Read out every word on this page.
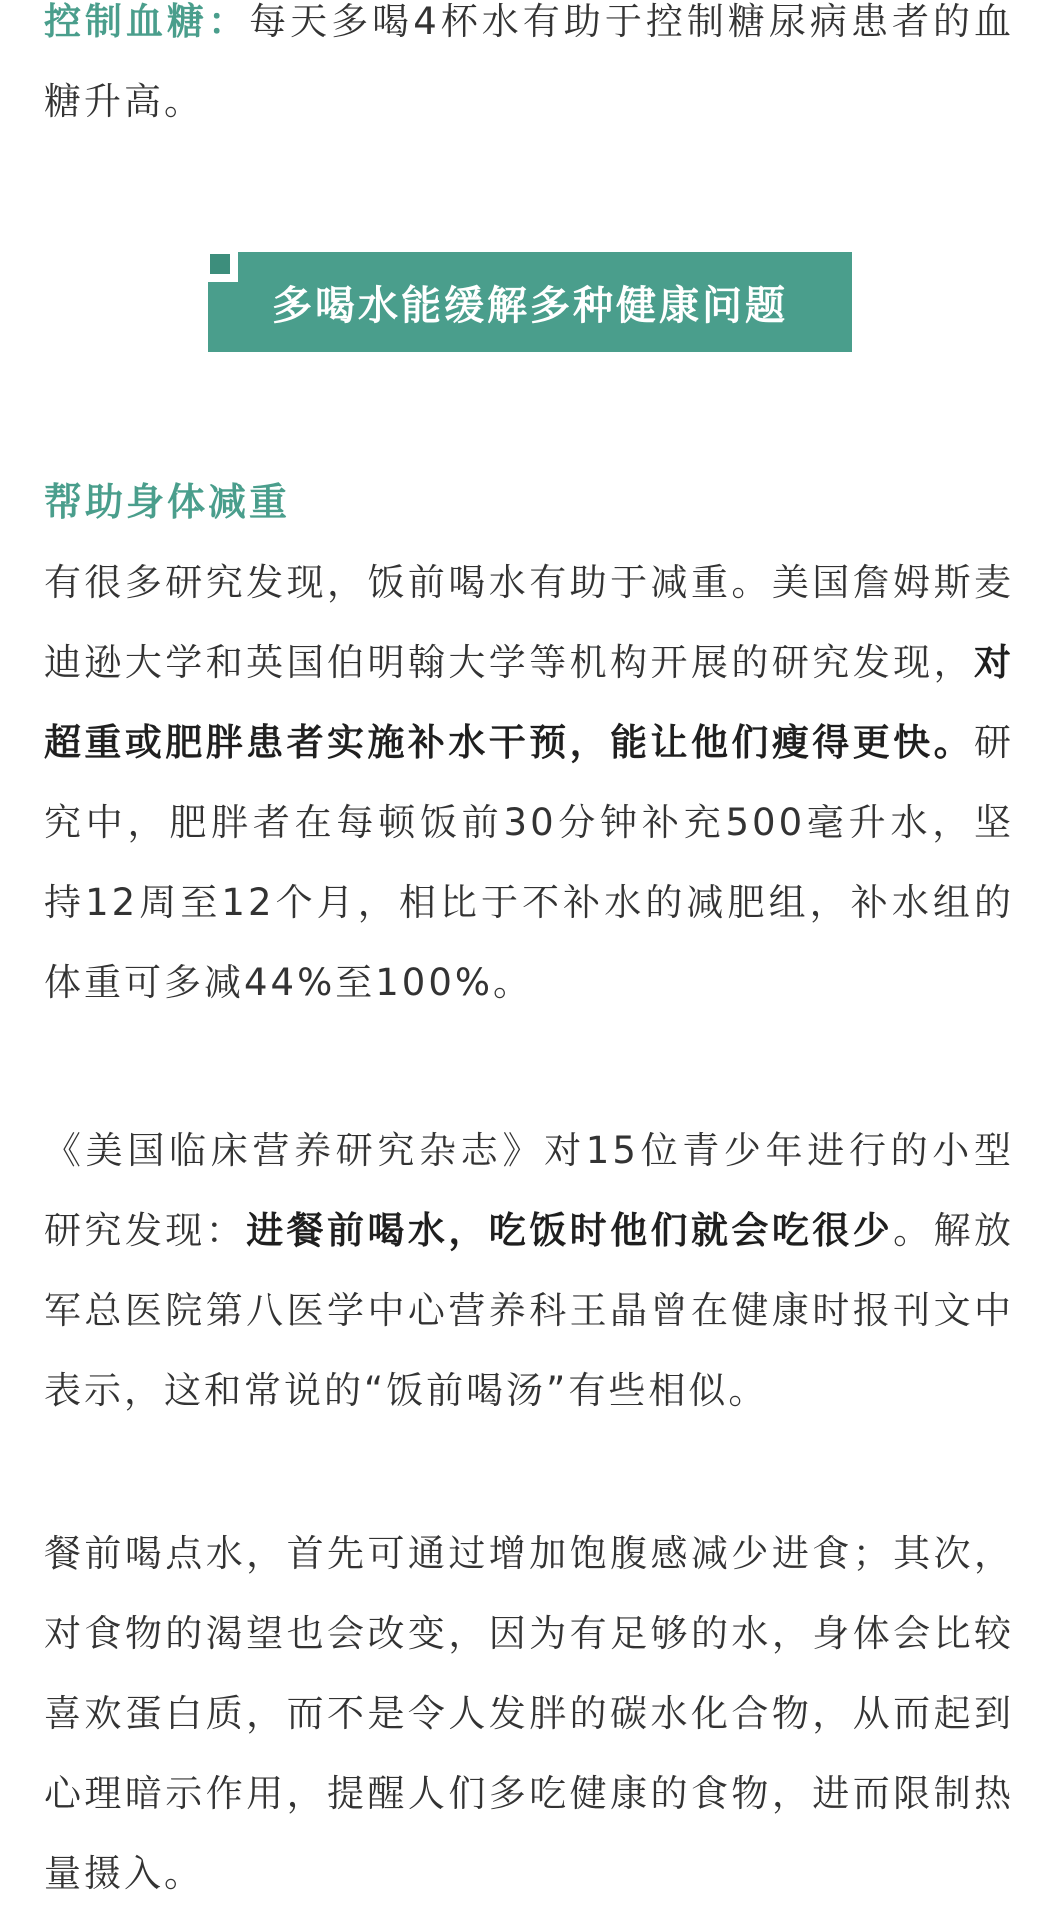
控制血糖：每天多喝4杯水有助于控制糖尿病患者的血糖升高。

多喝水能缓解多种健康问题
帮助身体减重

有很多研究发现，饭前喝水有助于减重。美国詹姆斯麦迪逊大学和英国伯明翰大学等机构开展的研究发现，对超重或肥胖患者实施补水干预，能让他们瘦得更快。研究中，肥胖者在每顿饭前30分钟补充500毫升水，坚持12周至12个月，相比于不补水的减肥组，补水组的体重可多减44%至100%。

《美国临床营养研究杂志》对15位青少年进行的小型研究发现：进餐前喝水，吃饭时他们就会吃很少。解放军总医院第八医学中心营养科王晶曾在健康时报刊文中表示，这和常说的“饭前喝汤”有些相似。

餐前喝点水，首先可通过增加饱腹感减少进食；其次，对食物的渴望也会改变，因为有足够的水，身体会比较喜欢蛋白质，而不是令人发胖的碳水化合物，从而起到心理暗示作用，提醒人们多吃健康的食物，进而限制热量摄入。
